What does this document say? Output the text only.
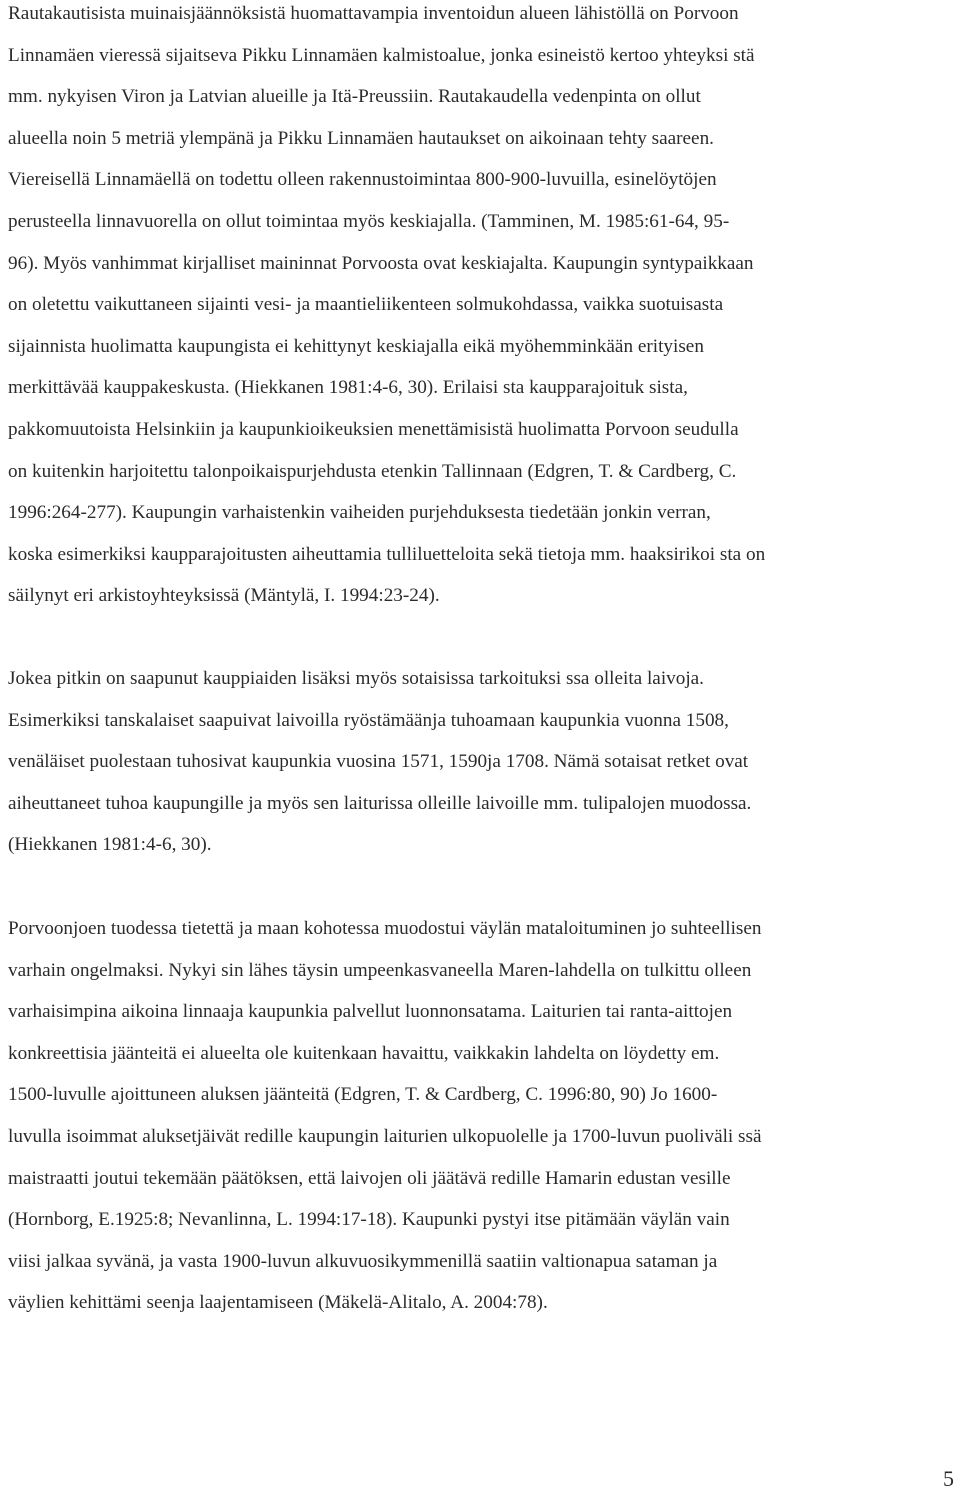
Rautakautisista muinaisjäännöksistä huomattavampia inventoidun alueen lähistöllä on Porvoon
Linnamäen vieressä sijaitseva Pikku Linnamäen kalmistoalue, jonka esineistö kertoo yhteyksi stä
mm. nykyisen Viron ja Latvian alueille ja Itä-Preussiin. Rautakaudella vedenpinta on ollut
alueella noin 5 metriä ylempänä ja Pikku Linnamäen hautaukset on aikoinaan tehty saareen.
Viereisellä Linnamäellä on todettu olleen rakennustoimintaa 800-900-luvuilla, esinelöytöjen
perusteella linnavuorella on ollut toimintaa myös keskiajalla. (Tamminen, M. 1985:61-64, 95-
96). Myös vanhimmat kirjalliset maininnat Porvoosta ovat keskiajalta. Kaupungin syntypaikkaan
on oletettu vaikuttaneen sijainti vesi- ja maantieliikenteen solmukohdassa, vaikka suotuisasta
sijainnista huolimatta kaupungista ei kehittynyt keskiajalla eikä myöhemminkään erityisen
merkittävää kauppakeskusta. (Hiekkanen 1981:4-6, 30). Erilaisi sta kaupparajoituk sista,
pakkomuutoista Helsinkiin ja kaupunkioikeuksien menettämisistä huolimatta Porvoon seudulla
on kuitenkin harjoitettu talonpoikaispurjehdusta etenkin Tallinnaan (Edgren, T. & Cardberg, C.
1996:264-277). Kaupungin varhaistenkin vaiheiden purjehduksesta tiedetään jonkin verran,
koska esimerkiksi kaupparajoitusten aiheuttamia tulliluetteloita sekä tietoja mm. haaksirikoi sta on
säilynyt eri arkistoyhteyksissä (Mäntylä, I. 1994:23-24).
Jokea pitkin on saapunut kauppiaiden lisäksi myös sotaisissa tarkoituksi ssa olleita laivoja.
Esimerkiksi tanskalaiset saapuivat laivoilla ryöstämäänja tuhoamaan kaupunkia vuonna 1508,
venäläiset puolestaan tuhosivat kaupunkia vuosina 1571, 1590ja 1708. Nämä sotaisat retket ovat
aiheuttaneet tuhoa kaupungille ja myös sen laiturissa olleille laivoille mm. tulipalojen muodossa.
(Hiekkanen 1981:4-6, 30).
Porvoonjoen tuodessa tietettä ja maan kohotessa muodostui väylän mataloituminen jo suhteellisen
varhain ongelmaksi. Nykyi sin lähes täysin umpeenkasvaneella Maren-lahdella on tulkittu olleen
varhaisimpina aikoina linnaaja kaupunkia palvellut luonnonsatama. Laiturien tai ranta-aittojen
konkreettisia jäänteitä ei alueelta ole kuitenkaan havaittu, vaikkakin lahdelta on löydetty em.
1500-luvulle ajoittuneen aluksen jäänteitä (Edgren, T. & Cardberg, C. 1996:80, 90) Jo 1600-
luvulla isoimmat aluksetjäivät redille kaupungin laiturien ulkopuolelle ja 1700-luvun puoliväli ssä
maistraatti joutui tekemään päätöksen, että laivojen oli jäätävä redille Hamarin edustan vesille
(Hornborg, E.1925:8; Nevanlinna, L. 1994:17-18). Kaupunki pystyi itse pitämään väylän vain
viisi jalkaa syvänä, ja vasta 1900-luvun alkuvuosikymmenillä saatiin valtionapua sataman ja
väylien kehittämi seenja laajentamiseen (Mäkelä-Alitalo, A. 2004:78).
5
